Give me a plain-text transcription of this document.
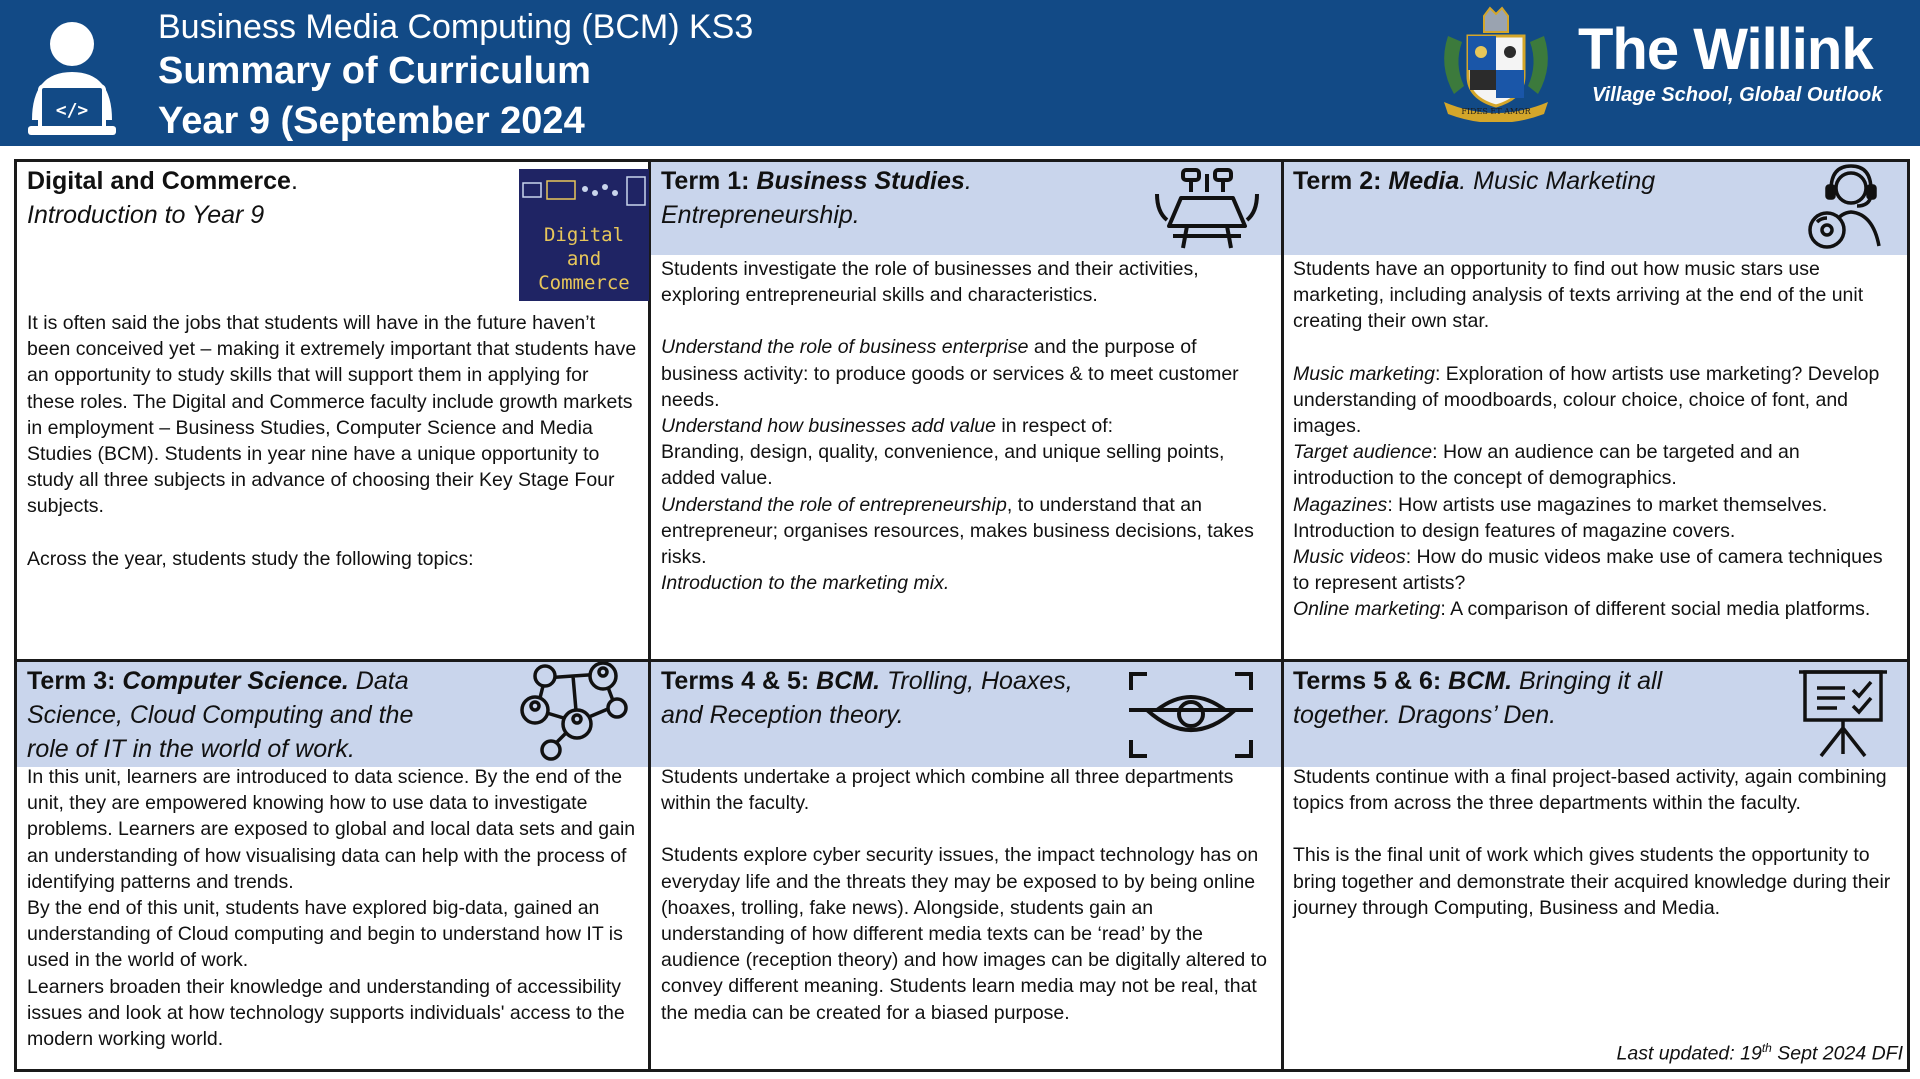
</>
Business Media Computing (BCM) KS3
Summary of Curriculum
Year 9 (September 2024	FIDES ET AMOR
The Willink
Village School, Global Outlook
Digital and Commerce.
Introduction to Year 9
Digital
and
Commerce

It is often said the jobs that students will have in the future haven’t been conceived yet – making it extremely important that students have an opportunity to study skills that will support them in applying for these roles. The Digital and Commerce faculty include growth markets in employment – Business Studies, Computer Science and Media Studies (BCM). Students in year nine have a unique opportunity to study all three subjects in advance of choosing their Key Stage Four subjects.

Across the year, students study the following topics:

Term 1: Business Studies. Entrepreneurship.

Students investigate the role of businesses and their activities, exploring entrepreneurial skills and characteristics.

Understand the role of business enterprise and the purpose of business activity: to produce goods or services & to meet customer needs.

Understand how businesses add value in respect of:

Branding, design, quality, convenience, and unique selling points, added value.

Understand the role of entrepreneurship, to understand that an entrepreneur; organises resources, makes business decisions, takes risks.

Introduction to the marketing mix.

Term 2: Media. Music Marketing

Students have an opportunity to find out how music stars use marketing, including analysis of texts arriving at the end of the unit creating their own star.

Music marketing: Exploration of how artists use marketing? Develop understanding of moodboards, colour choice, choice of font, and images.

Target audience: How an audience can be targeted and an introduction to the concept of demographics.

Magazines: How artists use magazines to market themselves. Introduction to design features of magazine covers.

Music videos: How do music videos make use of camera techniques to represent artists?

Online marketing: A comparison of different social media platforms.

Term 3: Computer Science. Data Science, Cloud Computing and the role of IT in the world of work.

In this unit, learners are introduced to data science. By the end of the unit, they are empowered knowing how to use data to investigate problems. Learners are exposed to global and local data sets and gain an understanding of how visualising data can help with the process of identifying patterns and trends.

By the end of this unit, students have explored big-data, gained an understanding of Cloud computing and begin to understand how IT is used in the world of work.

Learners broaden their knowledge and understanding of accessibility issues and look at how technology supports individuals' access to the modern working world.

Terms 4 & 5: BCM. Trolling, Hoaxes, and Reception theory.

Students undertake a project which combine all three departments within the faculty.

Students explore cyber security issues, the impact technology has on everyday life and the threats they may be exposed to by being online (hoaxes, trolling, fake news). Alongside, students gain an understanding of how different media texts can be ‘read’ by the audience (reception theory) and how images can be digitally altered to convey different meaning. Students learn media may not be real, that the media can be created for a biased purpose.

Terms 5 & 6: BCM. Bringing it all together. Dragons’ Den.

Students continue with a final project-based activity, again combining topics from across the three departments within the faculty.

This is the final unit of work which gives students the opportunity to bring together and demonstrate their acquired knowledge during their journey through Computing, Business and Media.

Last updated: 19th Sept 2024 DFI
